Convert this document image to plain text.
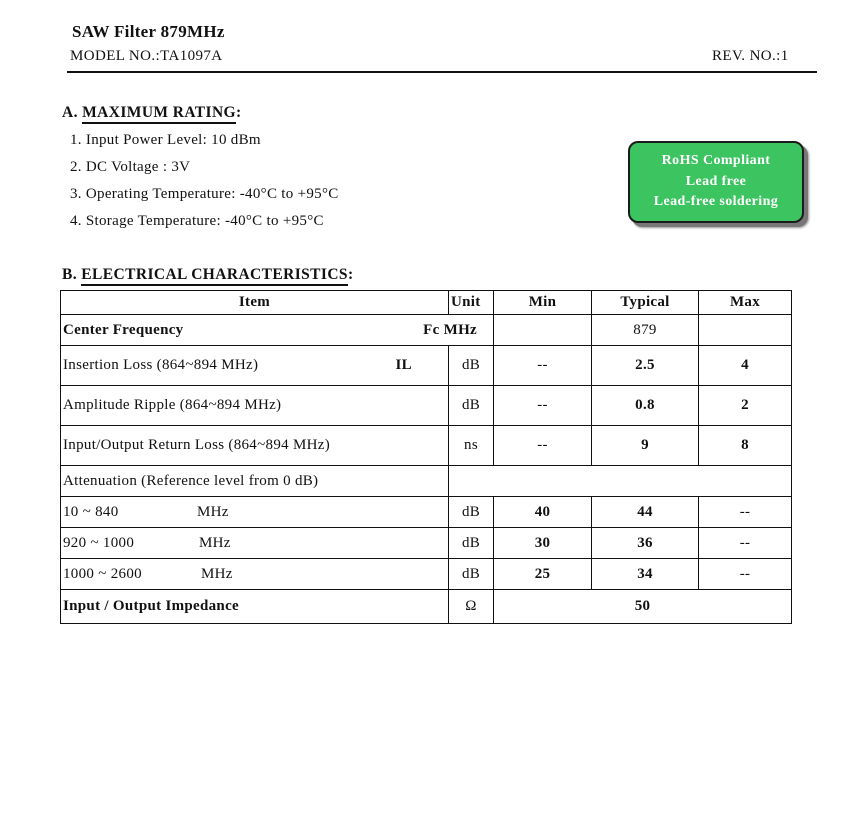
SAW Filter 879MHz
MODEL NO.:TA1097A	REV. NO.:1
A. MAXIMUM RATING:
1. Input Power Level: 10 dBm
2. DC Voltage : 3V
3. Operating Temperature: -40°C to +95°C
4. Storage Temperature: -40°C to +95°C
RoHS Compliant
Lead free
Lead-free soldering
B. ELECTRICAL CHARACTERISTICS:
Item	Unit	Min	Typical	Max
Center Frequency Fc MHz			879	
Insertion Loss (864~894 MHz) IL	dB	--	2.5	4
Amplitude Ripple (864~894 MHz)	dB	--	0.8	2
Input/Output Return Loss (864~894 MHz)	ns	--	9	8
Attenuation (Reference level from 0 dB)				
10 ~ 840 MHz	dB	40	44	--
920 ~ 1000 MHz	dB	30	36	--
1000 ~ 2600 MHz	dB	25	34	--
Input / Output Impedance	Ω	50		
